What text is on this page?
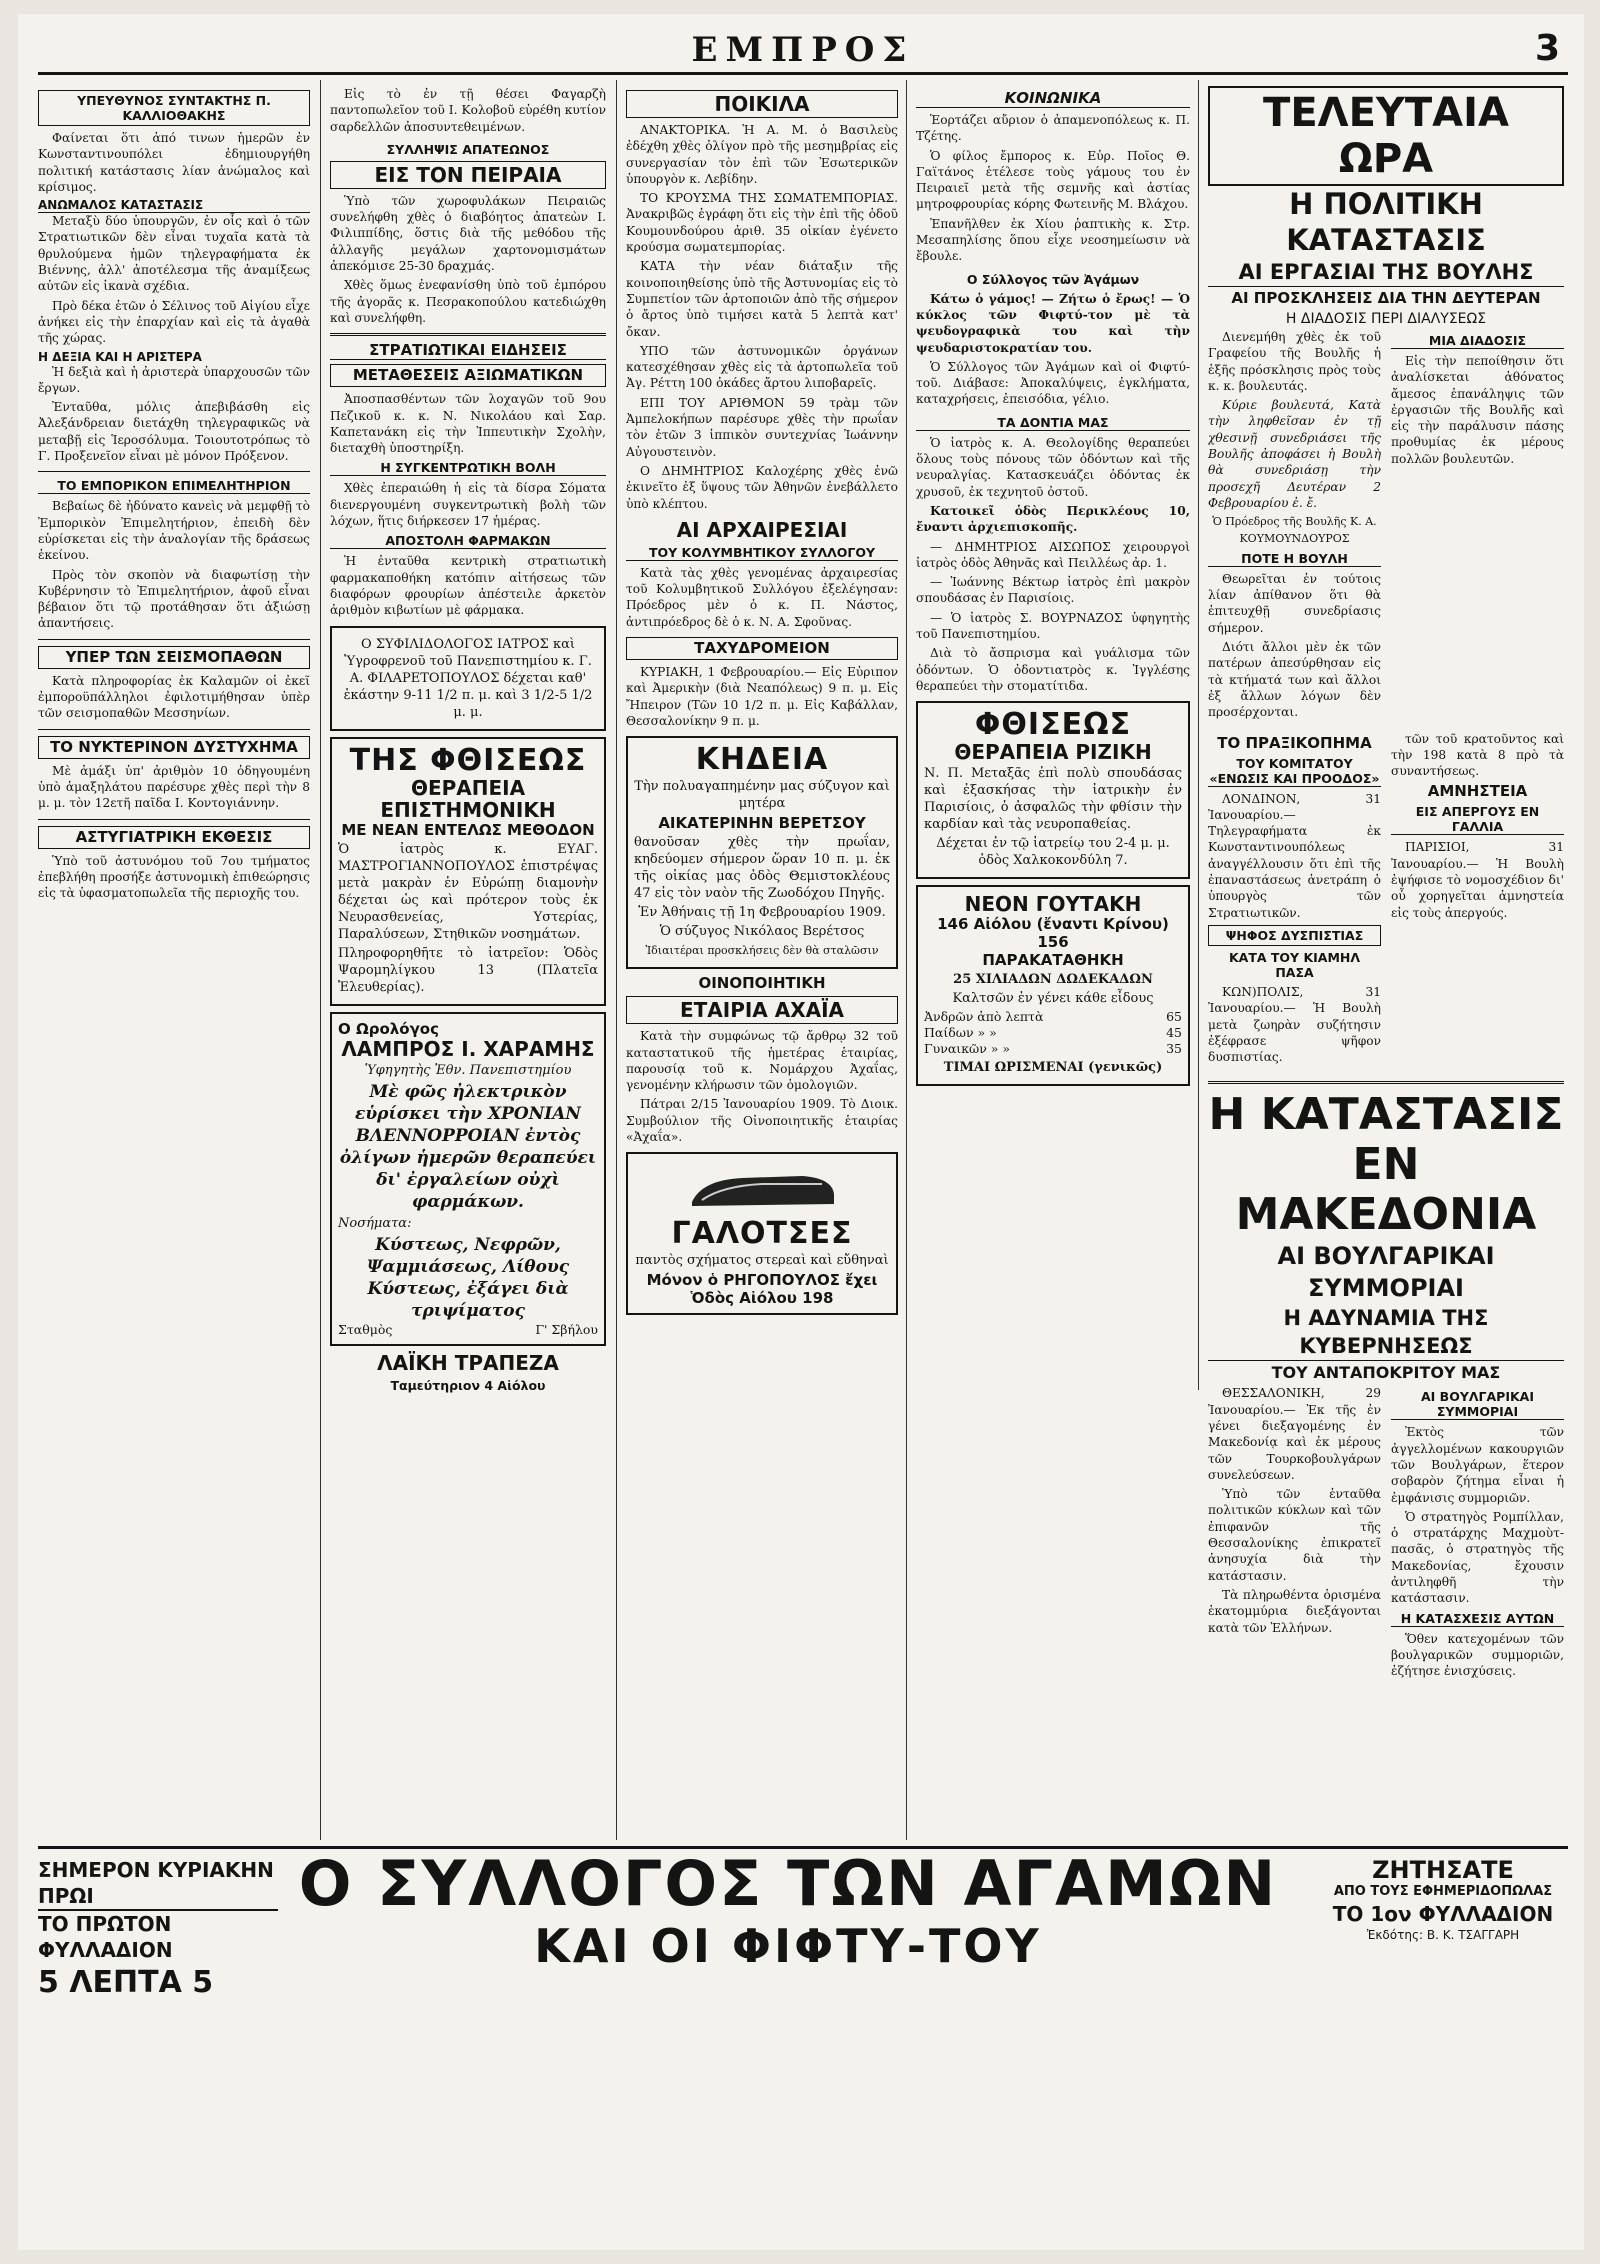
ΕΜΠΡΟΣ	3
ΥΠΕΥΘΥΝΟΣ ΣΥΝΤΑΚΤΗΣ Π. ΚΑΛΛΙΟΘΑΚΗΣ

Φαίνεται ὅτι ἀπό τινων ἡμερῶν ἐν Κωνσταντινουπόλει ἐδημιουργήθη πολιτική κατάστασις λίαν ἀνώμαλος καὶ κρίσιμος.

ΑΝΩΜΑΛΟΣ ΚΑΤΑΣΤΑΣΙΣ

Μεταξὺ δύο ὑπουργῶν, ἐν οἷς καὶ ὁ τῶν Στρατιωτικῶν δὲν εἶναι τυχαῖα κατὰ τὰ θρυλούμενα ἡμῶν τηλεγραφήματα ἐκ Βιέννης, ἀλλ' ἀποτέλεσμα τῆς ἀναμίξεως αὐτῶν εἰς ἱκανὰ σχέδια.

Πρὸ δέκα ἐτῶν ὁ Σέλινος τοῦ Αἰγίου εἶχε ἀνήκει εἰς τὴν ἐπαρχίαν καὶ εἰς τὰ ἀγαθὰ τῆς χώρας.

Η ΔΕΞΙΑ ΚΑΙ Η ΑΡΙΣΤΕΡΑ

Ἡ δεξιὰ καὶ ἡ ἀριστερὰ ὑπαρχουσῶν τῶν ἔργων.

Ἐνταῦθα, μόλις ἀπεβιβάσθη εἰς Ἀλεξάνδρειαν διετάχθη τηλεγραφικῶς νὰ μεταβῇ εἰς Ἱεροσόλυμα. Τοιουτοτρόπως τὸ Γ. Προξενεῖον εἶναι μὲ μόνον Πρόξενον.

ΤΟ ΕΜΠΟΡΙΚΟΝ ΕΠΙΜΕΛΗΤΗΡΙΟΝ

Βεβαίως δὲ ἠδύνατο κανεὶς νὰ μεμφθῇ τὸ Ἐμπορικὸν Ἐπιμελητήριον, ἐπειδὴ δὲν εὑρίσκεται εἰς τὴν ἀναλογίαν τῆς δράσεως ἐκείνου.

Πρὸς τὸν σκοπὸν νὰ διαφωτίσῃ τὴν Κυβέρνησιν τὸ Ἐπιμελητήριον, ἀφοῦ εἶναι βέβαιον ὅτι τῷ προτάθησαν ὅτι ἀξιώσῃ ἀπαντήσεις.

ΥΠΕΡ ΤΩΝ ΣΕΙΣΜΟΠΑΘΩΝ

Κατὰ πληροφορίας ἐκ Καλαμῶν οἱ ἐκεῖ ἐμποροϋπάλληλοι ἐφιλοτιμήθησαν ὑπὲρ τῶν σεισμοπαθῶν Μεσσηνίων.

ΤΟ ΝΥΚΤΕΡΙΝΟΝ ΔΥΣΤΥΧΗΜΑ

Μὲ ἀμάξι ὑπ' ἀριθμὸν 10 ὁδηγουμένη ὑπὸ ἁμαξηλάτου παρέσυρε χθὲς περὶ τὴν 8 μ. μ. τὸν 12ετῆ παῖδα Ι. Κοντογιάννην.

ΑΣΤΥΓΙΑΤΡΙΚΗ ΕΚΘΕΣΙΣ

Ὑπὸ τοῦ ἀστυνόμου τοῦ 7ου τμήματος ἐπεβλήθη προσήξε ἀστυνομικὴ ἐπιθεώρησις εἰς τὰ ὑφασματοπωλεῖα τῆς περιοχῆς του.

Εἰς τὸ ἐν τῇ θέσει Φαγαρζὴ παντοπωλεῖον τοῦ Ι. Κολοβοῦ εὑρέθη κυτίον σαρδελλῶν ἀποσυντεθειμένων.

ΣΥΛΛΗΨΙΣ ΑΠΑΤΕΩΝΟΣ
ΕΙΣ ΤΟΝ ΠΕΙΡΑΙΑ

Ὑπὸ τῶν χωροφυλάκων Πειραιῶς συνελήφθη χθὲς ὁ διαβόητος ἀπατεὼν Ι. Φιλιππίδης, ὅστις διὰ τῆς μεθόδου τῆς ἀλλαγῆς μεγάλων χαρτονομισμάτων ἀπεκόμισε 25-30 δραχμάς.

Χθὲς ὅμως ἐνεφανίσθη ὑπὸ τοῦ ἐμπόρου τῆς ἀγορᾶς κ. Πεσρακοπούλου κατεδιώχθη καὶ συνελήφθη.

ΣΤΡΑΤΙΩΤΙΚΑΙ ΕΙΔΗΣΕΙΣ
ΜΕΤΑΘΕΣΕΙΣ ΑΞΙΩΜΑΤΙΚΩΝ

Ἀποσπασθέντων τῶν λοχαγῶν τοῦ 9ου Πεζικοῦ κ. κ. Ν. Νικολάου καὶ Σαρ. Καπετανάκη εἰς τὴν Ἱππευτικὴν Σχολὴν, διεταχθὴ ὑποστηρίξη.

Η ΣΥΓΚΕΝΤΡΩΤΙΚΗ ΒΟΛΗ

Χθὲς ἐπεραιώθη ἡ εἰς τὰ δίσρα Σόματα διενεργουμένη συγκεντρωτικὴ βολὴ τῶν λόχων, ἥτις διήρκεσεν 17 ἡμέρας.

ΑΠΟΣΤΟΛΗ ΦΑΡΜΑΚΩΝ

Ἡ ἐνταῦθα κεντρικὴ στρατιωτικὴ φαρμακαποθήκη κατόπιν αἰτήσεως τῶν διαφόρων φρουρίων ἀπέστειλε ἀρκετὸν ἀριθμὸν κιβωτίων μὲ φάρμακα.

Ο ΣΥΦΙΛΙΔΟΛΟΓΟΣ ΙΑΤΡΟΣ καὶ Ὑγροφρενοῦ τοῦ Πανεπιστημίου κ. Γ. Α. ΦΙΛΑΡΕΤΟΠΟΥΛΟΣ δέχεται καθ' ἑκάστην 9-11 1/2 π. μ. καὶ 3 1/2-5 1/2 μ. μ.
ΤΗΣ ΦΘΙΣΕΩΣ
ΘΕΡΑΠΕΙΑ ΕΠΙΣΤΗΜΟΝΙΚΗ
ΜΕ ΝΕΑΝ ΕΝΤΕΛΩΣ ΜΕΘΟΔΟΝ
Ὁ ἰατρὸς κ. ΕΥΑΓ. ΜΑΣΤΡΟΓΙΑΝΝΟΠΟΥΛΟΣ ἐπιστρέψας μετὰ μακρὰν ἐν Εὐρώπῃ διαμονὴν δέχεται ὡς καὶ πρότερον τοὺς ἐκ Νευρασθενείας, Υστερίας, Παραλύσεων, Στηθικῶν νοσημάτων.
Πληροφορηθῆτε τὸ ἰατρεῖον: Ὁδὸς Ψαρομηλίγκου 13 (Πλατεῖα Ἐλευθερίας).
Ο Ωρολόγος
ΛΑΜΠΡΟΣ Ι. ΧΑΡΑΜΗΣ
Ὑφηγητὴς Ἐθν. Πανεπιστημίου
Μὲ φῶς ἠλεκτρικὸν εὑρίσκει τὴν ΧΡΟΝΙΑΝ ΒΛΕΝΝΟΡΡΟΙΑΝ ἐντὸς ὀλίγων ἡμερῶν θεραπεύει δι' ἐργαλείων οὐχὶ φαρμάκων.
Νοσήματα:
Κύστεως, Νεφρῶν, Ψαμμιάσεως, Λίθους Κύστεως, ἐξάγει διὰ τριψίματος
Σταθμὸς	Γ' Σβήλου
ΛΑΪΚΗ ΤΡΑΠΕΖΑ
Ταμεύτηριον 4 Αἰόλου
ΠΟΙΚΙΛΑ

ΑΝΑΚΤΟΡΙΚΑ. Ἡ Α. Μ. ὁ Βασιλεὺς ἐδέχθη χθὲς ὀλίγον πρὸ τῆς μεσημβρίας εἰς συνεργασίαν τὸν ἐπὶ τῶν Ἐσωτερικῶν ὑπουργὸν κ. Λεβίδην.

ΤΟ ΚΡΟΥΣΜΑ ΤΗΣ ΣΩΜΑΤΕΜΠΟΡΙΑΣ. Ἀνακριβῶς ἐγράφη ὅτι εἰς τὴν ἐπὶ τῆς ὁδοῦ Κουμουνδούρου ἀριθ. 35 οἰκίαν ἐγένετο κρούσμα σωματεμπορίας.

ΚΑΤΑ τὴν νέαν διάταξιν τῆς κοινοποιηθείσης ὑπὸ τῆς Ἀστυνομίας εἰς τὸ Συμπετίον τῶν ἀρτοποιῶν ἀπὸ τῆς σήμερον ὁ ἄρτος ὑπὸ τιμήσει κατὰ 5 λεπτὰ κατ' ὄκαν.

ΥΠΟ τῶν ἀστυνομικῶν ὀργάνων κατεσχέθησαν χθὲς εἰς τὰ ἀρτοπωλεῖα τοῦ Ἀγ. Ρέττη 100 ὀκάδες ἄρτου λιποβαρεῖς.

ΕΠΙ ΤΟΥ ΑΡΙΘΜΟΝ 59 τρὰμ τῶν Ἀμπελοκήπων παρέσυρε χθὲς τὴν πρωΐαν τὸν ἐτῶν 3 ἱππικὸν συντεχνίας Ἰωάννην Αὐγουστεινὸν.

Ο ΔΗΜΗΤΡΙΟΣ Καλοχέρης χθὲς ἐνῶ ἐκινεῖτο ἐξ ὕψους τῶν Ἀθηνῶν ἐνεβάλλετο ὑπὸ κλέπτου.

ΑΙ ΑΡΧΑΙΡΕΣΙΑΙ
ΤΟΥ ΚΟΛΥΜΒΗΤΙΚΟΥ ΣΥΛΛΟΓΟΥ

Κατὰ τὰς χθὲς γενομένας ἀρχαιρεσίας τοῦ Κολυμβητικοῦ Συλλόγου ἐξελέγησαν: Πρόεδρος μὲν ὁ κ. Π. Νάστος, ἀντιπρόεδρος δὲ ὁ κ. Ν. Α. Σφοῦνας.

ΤΑΧΥΔΡΟΜΕΙΟΝ

ΚΥΡΙΑΚΗ, 1 Φεβρουαρίου.— Εἰς Εὐριπον καὶ Ἀμερικὴν (διὰ Νεαπόλεως) 9 π. μ. Εἰς Ἤπειρον (Τῶν 10 1/2 π. μ. Εἰς Καβάλλαν, Θεσσαλονίκην 9 π. μ.

ΚΗΔΕΙΑ
Τὴν πολυαγαπημένην μας σύζυγον καὶ μητέρα
ΑΙΚΑΤΕΡΙΝΗΝ ΒΕΡΕΤΣΟΥ
θανοῦσαν χθὲς τὴν πρωΐαν, κηδεύομεν σήμερον ὥραν 10 π. μ. ἐκ τῆς οἰκίας μας ὁδὸς Θεμιστοκλέους 47 εἰς τὸν ναὸν τῆς Ζωοδόχου Πηγῆς.
Ἐν Ἀθήναις τῇ 1η Φεβρουαρίου 1909.
Ὁ σύζυγος Νικόλαος Βερέτσος
Ἰδιαιτέραι προσκλήσεις δὲν θὰ σταλῶσιν
ΟΙΝΟΠΟΙΗΤΙΚΗ
ΕΤΑΙΡΙΑ ΑΧΑΪΑ

Κατὰ τὴν συμφώνως τῷ ἄρθρῳ 32 τοῦ καταστατικοῦ τῆς ἡμετέρας ἑταιρίας, παρουσίᾳ τοῦ κ. Νομάρχου Ἀχαΐας, γενομένην κλήρωσιν τῶν ὁμολογιῶν.

Πάτραι 2/15 Ἰανουαρίου 1909. Τὸ Διοικ. Συμβούλιον τῆς Οἰνοποιητικῆς ἑταιρίας «Ἀχαΐα».

ΓΑΛΟΤΣΕΣ
παντὸς σχήματος στερεαὶ καὶ εὔθηναὶ
Μόνον ὁ ΡΗΓΟΠΟΥΛΟΣ ἔχει
Ὁδὸς Αἰόλου 198
ΚΟΙΝΩΝΙΚΑ

Ἑορτάζει αὔριον ὁ ἀπαμενοπόλεως κ. Π. Τζέτης.

Ὁ φίλος ἔμπορος κ. Εὐρ. Ποῖος Θ. Γαϊτάνος ἑτέλεσε τοὺς γάμους του ἐν Πειραιεῖ μετὰ τῆς σεμνῆς καὶ ἀστίας μητροφρουρίας κόρης Φωτεινῆς Μ. Βλάχου.

Ἐπανῆλθεν ἐκ Χίου ῥαπτικὴς κ. Στρ. Μεσαπηλίσης ὅπου εἶχε νεοσημείωσιν νὰ ἔβουλε.

Ο Σύλλογος τῶν Ἀγάμων

Κάτω ὁ γάμος! — Ζήτω ὁ ἔρως! — Ὁ κύκλος τῶν Φιφτύ-τον μὲ τὰ ψευδογραφικὰ του καὶ τὴν ψευδαριστοκρατίαν του.

Ὁ Σύλλογος τῶν Ἀγάμων καὶ οἱ Φιφτύ-τοῦ. Διάβασε: Ἀποκαλύψεις, ἐγκλήματα, καταχρήσεις, ἐπεισόδια, γέλιο.

ΤΑ ΔΟΝΤΙΑ ΜΑΣ

Ὁ ἰατρὸς κ. Α. Θεολογίδης θεραπεύει ὅλους τοὺς πόνους τῶν ὀδόντων καὶ τῆς νευραλγίας. Κατασκευάζει ὀδόντας ἐκ χρυσοῦ, ἐκ τεχνητοῦ ὀστοῦ.

Κατοικεῖ ὁδὸς Περικλέους 10, ἔναντι ἀρχιεπισκοπῆς.

— ΔΗΜΗΤΡΙΟΣ ΑΙΣΩΠΟΣ χειρουργοὶ ἰατρὸς ὁδὸς Ἀθηνᾶς καὶ Πειλλέως ἀρ. 1.

— Ἰωάννης Βέκτωρ ἰατρὸς ἐπὶ μακρὸν σπουδάσας ἐν Παρισίοις.

— Ὁ ἰατρὸς Σ. ΒΟΥΡΝΑΖΟΣ ὑφηγητὴς τοῦ Πανεπιστημίου.

Διὰ τὸ ἄσπρισμα καὶ γυάλισμα τῶν ὀδόντων. Ὁ ὀδοντιατρὸς κ. Ἰγγλέσης θεραπεύει τὴν στοματίτιδα.

ΦΘΙΣΕΩΣ
ΘΕΡΑΠΕΙΑ ΡΙΖΙΚΗ
Ν. Π. Μεταξᾶς ἐπὶ πολὺ σπουδάσας καὶ ἐξασκήσας τὴν ἰατρικὴν ἐν Παρισίοις, ὁ ἀσφαλῶς τὴν φθίσιν τὴν καρδίαν καὶ τὰς νευροπαθείας.
Δέχεται ἐν τῷ ἰατρείῳ του 2-4 μ. μ. ὁδὸς Χαλκοκονδύλη 7.
ΝΕΟΝ ΓΟΥΤΑΚΗ
146 Αἰόλου (ἔναντι Κρίνου) 156
ΠΑΡΑΚΑΤΑΘΗΚΗ
25 ΧΙΛΙΑΔΩΝ ΔΩΔΕΚΑΔΩΝ
Καλτσῶν ἐν γένει κάθε εἶδους
Ἀνδρῶν ἀπὸ λεπτὰ	65
Παίδων » »	45
Γυναικῶν » »	35
ΤΙΜΑΙ ΩΡΙΣΜΕΝΑΙ (γενικῶς)
ΤΕΛΕΥΤΑΙΑ ΩΡΑ
Η ΠΟΛΙΤΙΚΗ ΚΑΤΑΣΤΑΣΙΣ
ΑΙ ΕΡΓΑΣΙΑΙ ΤΗΣ ΒΟΥΛΗΣ
ΑΙ ΠΡΟΣΚΛΗΣΕΙΣ ΔΙΑ ΤΗΝ ΔΕΥΤΕΡΑΝ
Η ΔΙΑΔΟΣΙΣ ΠΕΡΙ ΔΙΑΛΥΣΕΩΣ

Διενεμήθη χθὲς ἐκ τοῦ Γραφείου τῆς Βουλῆς ἡ ἑξῆς πρόσκλησις πρὸς τοὺς κ. κ. βουλευτάς.

Κύριε βουλευτά, Κατὰ τὴν ληφθεῖσαν ἐν τῇ χθεσινῇ συνεδριάσει τῆς Βουλῆς ἀποφάσει ἡ Βουλὴ θὰ συνεδριάσῃ τὴν προσεχῆ Δευτέραν 2 Φεβρουαρίου ἐ. ἔ.

Ὁ Πρόεδρος τῆς Βουλῆς Κ. Α. ΚΟΥΜΟΥΝΔΟΥΡΟΣ

ΠΟΤΕ Η ΒΟΥΛΗ

Θεωρεῖται ἐν τούτοις λίαν ἀπίθανον ὅτι θὰ ἐπιτευχθῇ συνεδρίασις σήμερον.

Διότι ἄλλοι μὲν ἐκ τῶν πατέρων ἀπεσύρθησαν εἰς τὰ κτήματά των καὶ ἄλλοι ἐξ ἄλλων λόγων δὲν προσέρχονται.

ΜΙΑ ΔΙΑΔΟΣΙΣ

Εἰς τὴν πεποίθησιν ὅτι ἀναλίσκεται ἀθόνατος ἄμεσος ἐπανάληψις τῶν ἐργασιῶν τῆς Βουλῆς καὶ εἰς τὴν παράλυσιν πάσης προθυμίας ἐκ μέρους πολλῶν βουλευτῶν.

ΤΟ ΠΡΑΞΙΚΟΠΗΜΑ
ΤΟΥ ΚΟΜΙΤΑΤΟΥ «ΕΝΩΣΙΣ ΚΑΙ ΠΡΟΟΔΟΣ»

ΛΟΝΔΙΝΟΝ, 31 Ἰανουαρίου.— Τηλεγραφήματα ἐκ Κωνσταντινουπόλεως ἀναγγέλλουσιν ὅτι ἐπὶ τῆς ἐπαναστάσεως ἀνετράπη ὁ ὑπουργὸς τῶν Στρατιωτικῶν.

ΨΗΦΟΣ ΔΥΣΠΙΣΤΙΑΣ
ΚΑΤΑ ΤΟΥ ΚΙΑΜΗΛ ΠΑΣΑ

ΚΩΝ)ΠΟΛΙΣ, 31 Ἰανουαρίου.— Ἡ Βουλὴ μετὰ ζωηρὰν συζήτησιν ἐξέφρασε ψῆφον δυσπιστίας.

τῶν τοῦ κρατοῦντος καὶ τὴν 198 κατὰ 8 πρὸ τὰ συναντήσεως.

ΑΜΝΗΣΤΕΙΑ
ΕΙΣ ΑΠΕΡΓΟΥΣ ΕΝ ΓΑΛΛΙΑ

ΠΑΡΙΣΙΟΙ, 31 Ἰανουαρίου.— Ἡ Βουλὴ ἐψήφισε τὸ νομοσχέδιον δι' οὗ χορηγεῖται ἀμνηστεία εἰς τοὺς ἀπεργούς.

Η ΚΑΤΑΣΤΑΣΙΣ
ΕΝ ΜΑΚΕΔΟΝΙΑ
ΑΙ ΒΟΥΛΓΑΡΙΚΑΙ ΣΥΜΜΟΡΙΑΙ
Η ΑΔΥΝΑΜΙΑ ΤΗΣ ΚΥΒΕΡΝΗΣΕΩΣ
ΤΟΥ ΑΝΤΑΠΟΚΡΙΤΟΥ ΜΑΣ

ΘΕΣΣΑΛΟΝΙΚΗ, 29 Ἰανουαρίου.— Ἐκ τῆς ἐν γένει διεξαγομένης ἐν Μακεδονίᾳ καὶ ἐκ μέρους τῶν Τουρκοβουλγάρων συνελεύσεων.

Ὑπὸ τῶν ἐνταῦθα πολιτικῶν κύκλων καὶ τῶν ἐπιφανῶν τῆς Θεσσαλονίκης ἐπικρατεῖ ἀνησυχία διὰ τὴν κατάστασιν.

Τὰ πληρωθέντα ὁρισμένα ἑκατομμύρια διεξάγονται κατὰ τῶν Ἑλλήνων.

ΑΙ ΒΟΥΛΓΑΡΙΚΑΙ ΣΥΜΜΟΡΙΑΙ

Ἐκτὸς τῶν ἀγγελλομένων κακουργιῶν τῶν Βουλγάρων, ἕτερον σοβαρὸν ζήτημα εἶναι ἡ ἐμφάνισις συμμοριῶν.

Ὁ στρατηγὸς Ρομπίλλαν, ὁ στρατάρχης Μαχμοὺτ-πασᾶς, ὁ στρατηγὸς τῆς Μακεδονίας, ἔχουσιν ἀντιληφθῆ τὴν κατάστασιν.

Η ΚΑΤΑΣΧΕΣΙΣ ΑΥΤΩΝ

Ὅθεν κατεχομένων τῶν βουλγαρικῶν συμμοριῶν, ἐζήτησε ἐνισχύσεις.

ΣΗΜΕΡΟΝ ΚΥΡΙΑΚΗΝ ΠΡΩΙ
ΤΟ ΠΡΩΤΟΝ ΦΥΛΛΑΔΙΟΝ
5 ΛΕΠΤΑ 5
Ο ΣΥΛΛΟΓΟΣ ΤΩΝ ΑΓΑΜΩΝ
ΚΑΙ ΟΙ ΦΙΦΤΥ-ΤΟΥ
ΖΗΤΗΣΑΤΕ
ΑΠΟ ΤΟΥΣ ΕΦΗΜΕΡΙΔΟΠΩΛΑΣ
ΤΟ 1ον ΦΥΛΛΑΔΙΟΝ
Ἐκδότης: Β. Κ. ΤΣΑΓΓΑΡΗ
